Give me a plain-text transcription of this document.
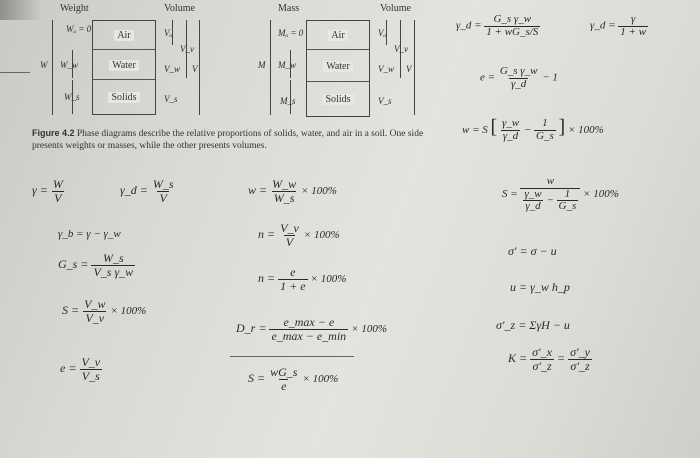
Weight	Volume	Mass	Volume
Air
Water
Solids
Wₐ = 0
W W_w
W_s
Vₐ
V_v
V_w V
V_s
Air
Water
Solids
Mₐ = 0
M M_w
M_s
Vₐ
V_v
V_w V
V_s
Figure 4.2 Phase diagrams describe the relative proportions of solids, water, and air in a soil. One side presents weights or masses, while the other presents volumes.
$\gamma = \frac{W}{V}$	γ_d = $\frac{W\_s}{V}$
γ_b = γ − γ_w
G_s = $\frac{W\_s}{\text{V\_s γ\_w}}$
$S = \frac{V\_w}{V\_v} \times 100\%$
$e = \frac{V\_v}{V\_s}$
$w = \frac{W\_w}{W\_s} \times 100\%$
$n = \frac{V\_v}{V} \times 100\%$
$n = \frac{e}{1 + e} \times 100\%$
D_r = $\frac{e\_\max - e}{e\_\max - e\_\min} \times 100\%$
$S = \frac{wG\_s}{e} \times 100\%$
γ_d = $\frac{\text{G\_s γ\_w}}{1 + wG\_s/S}$	γ_d = $\frac{\gamma}{1 + w}$
$e = \frac{\text{G\_s γ\_w}}{\gamma\_d} - 1$
w = S [ $\frac{\gamma\_w}{\gamma\_d} - \frac{1}{G\_s}$ ] × 100%
$S = \frac{w}{\frac{\gamma\_w}{\gamma\_d} - \frac{1}{G\_s}} \times 100\%$
σ′ = σ − u
u = γ_w h_p
σ′_z = ΣγH − u
$K = \frac{\sigma'\_x}{\sigma'\_z} = \frac{\sigma'\_y}{\sigma'\_z}$
